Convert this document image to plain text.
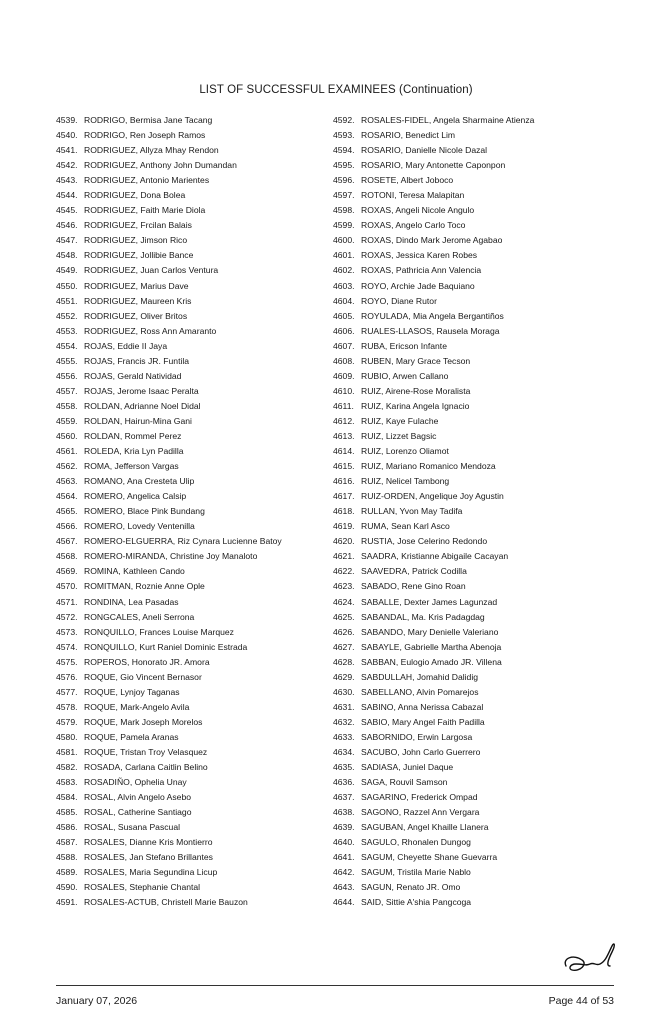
LIST OF SUCCESSFUL EXAMINEES (Continuation)
4539. RODRIGO, Bermisa Jane Tacang
4540. RODRIGO, Ren Joseph Ramos
4541. RODRIGUEZ, Allyza Mhay Rendon
4542. RODRIGUEZ, Anthony John Dumandan
4543. RODRIGUEZ, Antonio Marientes
4544. RODRIGUEZ, Dona Bolea
4545. RODRIGUEZ, Faith Marie Diola
4546. RODRIGUEZ, Frcilan Balais
4547. RODRIGUEZ, Jimson Rico
4548. RODRIGUEZ, Jollibie Bance
4549. RODRIGUEZ, Juan Carlos Ventura
4550. RODRIGUEZ, Marius Dave
4551. RODRIGUEZ, Maureen Kris
4552. RODRIGUEZ, Oliver Britos
4553. RODRIGUEZ, Ross Ann Amaranto
4554. ROJAS, Eddie II Jaya
4555. ROJAS, Francis JR. Funtila
4556. ROJAS, Gerald Natividad
4557. ROJAS, Jerome Isaac Peralta
4558. ROLDAN, Adrianne Noel Didal
4559. ROLDAN, Hairun-Mina Gani
4560. ROLDAN, Rommel Perez
4561. ROLEDA, Kria Lyn Padilla
4562. ROMA, Jefferson Vargas
4563. ROMANO, Ana Cresteta Ulip
4564. ROMERO, Angelica Calsip
4565. ROMERO, Blace Pink Bundang
4566. ROMERO, Lovedy Ventenilla
4567. ROMERO-ELGUERRA, Riz Cynara Lucienne Batoy
4568. ROMERO-MIRANDA, Christine Joy Manaloto
4569. ROMINA, Kathleen Cando
4570. ROMITMAN, Roznie Anne Ople
4571. RONDINA, Lea Pasadas
4572. RONGCALES, Aneli Serrona
4573. RONQUILLO, Frances Louise Marquez
4574. RONQUILLO, Kurt Raniel Dominic Estrada
4575. ROPEROS, Honorato JR. Amora
4576. ROQUE, Gio Vincent Bernasor
4577. ROQUE, Lynjoy Taganas
4578. ROQUE, Mark-Angelo Avila
4579. ROQUE, Mark Joseph Morelos
4580. ROQUE, Pamela Aranas
4581. ROQUE, Tristan Troy Velasquez
4582. ROSADA, Carlana Caitlin Belino
4583. ROSADIÑO, Ophelia Unay
4584. ROSAL, Alvin Angelo Asebo
4585. ROSAL, Catherine Santiago
4586. ROSAL, Susana Pascual
4587. ROSALES, Dianne Kris Montierro
4588. ROSALES, Jan Stefano Brillantes
4589. ROSALES, Maria Segundina Licup
4590. ROSALES, Stephanie Chantal
4591. ROSALES-ACTUB, Christell Marie Bauzon
4592. ROSALES-FIDEL, Angela Sharmaine Atienza
4593. ROSARIO, Benedict Lim
4594. ROSARIO, Danielle Nicole Dazal
4595. ROSARIO, Mary Antonette Caponpon
4596. ROSETE, Albert Joboco
4597. ROTONI, Teresa Malapitan
4598. ROXAS, Angeli Nicole Angulo
4599. ROXAS, Angelo Carlo Toco
4600. ROXAS, Dindo Mark Jerome Agabao
4601. ROXAS, Jessica Karen Robes
4602. ROXAS, Pathricia Ann Valencia
4603. ROYO, Archie Jade Baquiano
4604. ROYO, Diane Rutor
4605. ROYULADA, Mia Angela Bergantiños
4606. RUALES-LLASOS, Rausela Moraga
4607. RUBA, Ericson Infante
4608. RUBEN, Mary Grace Tecson
4609. RUBIO, Arwen Callano
4610. RUIZ, Airene-Rose Moralista
4611. RUIZ, Karina Angela Ignacio
4612. RUIZ, Kaye Fulache
4613. RUIZ, Lizzet Bagsic
4614. RUIZ, Lorenzo Oliamot
4615. RUIZ, Mariano Romanico Mendoza
4616. RUIZ, Nelicel Tambong
4617. RUIZ-ORDEN, Angelique Joy Agustin
4618. RULLAN, Yvon May Tadifa
4619. RUMA, Sean Karl Asco
4620. RUSTIA, Jose Celerino Redondo
4621. SAADRA, Kristianne Abigaile Cacayan
4622. SAAVEDRA, Patrick Codilla
4623. SABADO, Rene Gino Roan
4624. SABALLE, Dexter James Lagunzad
4625. SABANDAL, Ma. Kris Padagdag
4626. SABANDO, Mary Denielle Valeriano
4627. SABAYLE, Gabrielle Martha Abenoja
4628. SABBAN, Eulogio Amado JR. Villena
4629. SABDULLAH, Jomahid Dalidig
4630. SABELLANO, Alvin Pomarejos
4631. SABINO, Anna Nerissa Cabazal
4632. SABIO, Mary Angel Faith Padilla
4633. SABORNIDO, Erwin Largosa
4634. SACUBO, John Carlo Guerrero
4635. SADIASA, Juniel Daque
4636. SAGA, Rouvil Samson
4637. SAGARINO, Frederick Ompad
4638. SAGONO, Razzel Ann Vergara
4639. SAGUBAN, Angel Khaille Llanera
4640. SAGULO, Rhonalen Dungog
4641. SAGUM, Cheyette Shane Guevarra
4642. SAGUM, Tristila Marie Nablo
4643. SAGUN, Renato JR. Omo
4644. SAID, Sittie A'shia Pangcoga
January 07, 2026	Page 44 of 53
